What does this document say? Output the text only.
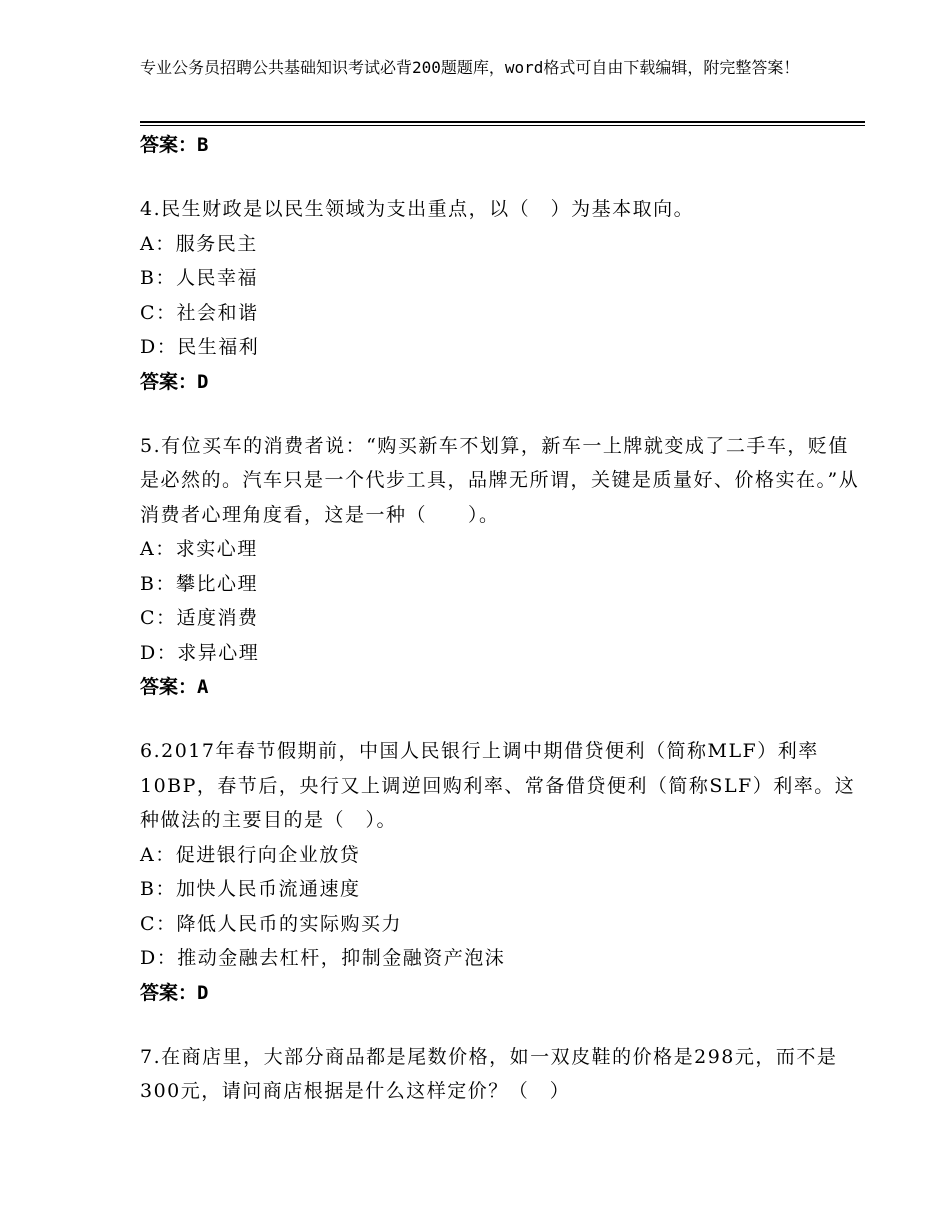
专业公务员招聘公共基础知识考试必背200题题库，word格式可自由下载编辑，附完整答案！
答案：B
4.民生财政是以民生领域为支出重点，以（　）为基本取向。
A：服务民主
B：人民幸福
C：社会和谐
D：民生福利
答案：D
5.有位买车的消费者说：“购买新车不划算，新车一上牌就变成了二手车，贬值是必然的。汽车只是一个代步工具，品牌无所谓，关键是质量好、价格实在。”从消费者心理角度看，这是一种（　　）。
A：求实心理
B：攀比心理
C：适度消费
D：求异心理
答案：A
6.2017年春节假期前，中国人民银行上调中期借贷便利（简称MLF）利率10BP，春节后，央行又上调逆回购利率、常备借贷便利（简称SLF）利率。这种做法的主要目的是（　）。
A：促进银行向企业放贷
B：加快人民币流通速度
C：降低人民币的实际购买力
D：推动金融去杠杆，抑制金融资产泡沫
答案：D
7.在商店里，大部分商品都是尾数价格，如一双皮鞋的价格是298元，而不是300元，请问商店根据是什么这样定价？（　）
